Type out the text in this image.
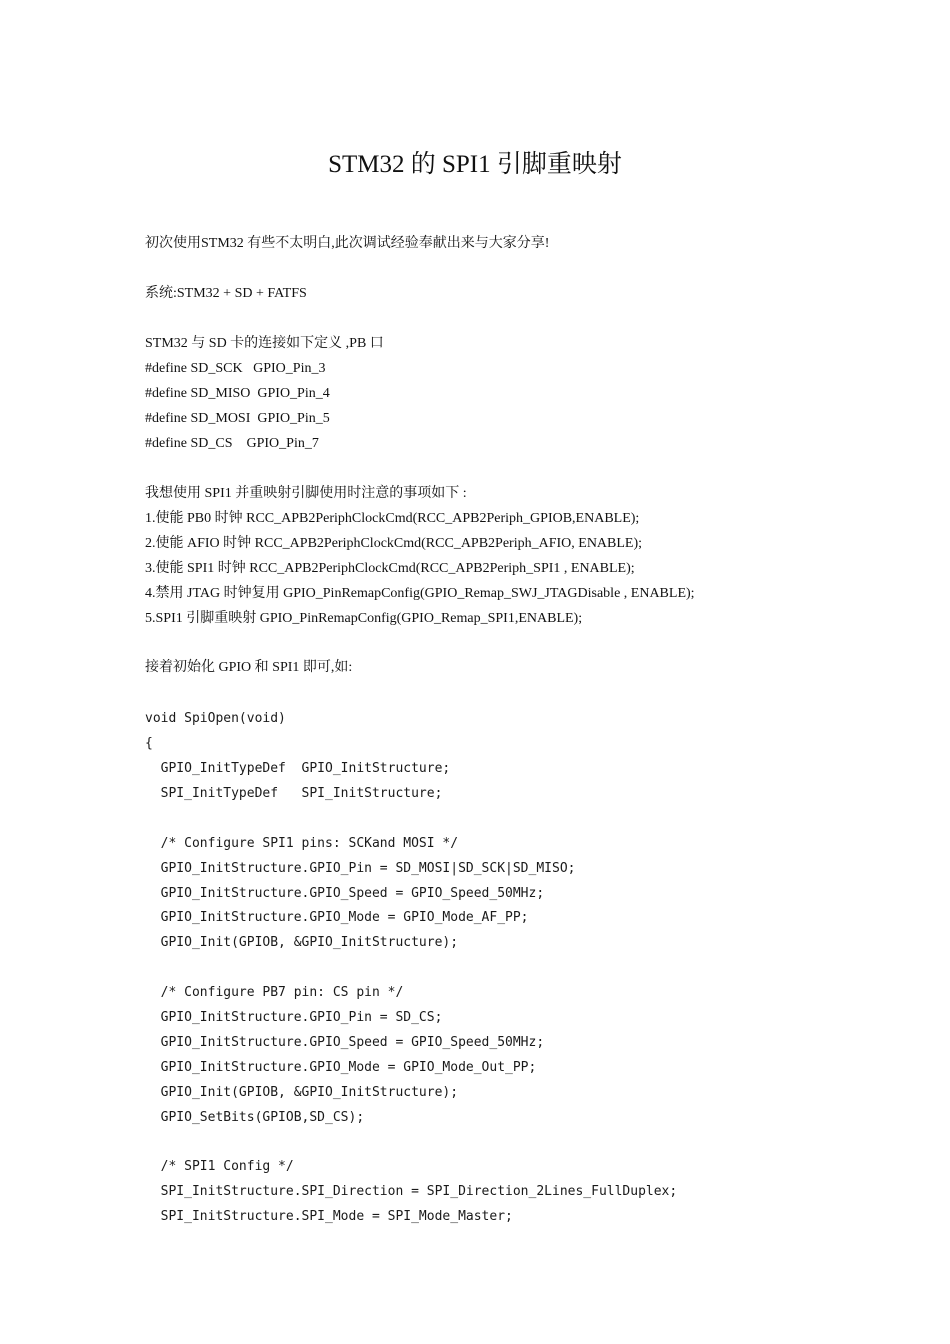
STM32 的 SPI1 引脚重映射
初次使用STM32 有些不太明白,此次调试经验奉献出来与大家分享!
系统:STM32 + SD + FATFS
STM32 与 SD 卡的连接如下定义 ,PB 口
#define SD_SCK   GPIO_Pin_3
#define SD_MISO  GPIO_Pin_4
#define SD_MOSI  GPIO_Pin_5
#define SD_CS    GPIO_Pin_7
我想使用 SPI1 并重映射引脚使用时注意的事项如下 :
1.使能 PB0 时钟 RCC_APB2PeriphClockCmd(RCC_APB2Periph_GPIOB,ENABLE);
2.使能 AFIO 时钟 RCC_APB2PeriphClockCmd(RCC_APB2Periph_AFIO, ENABLE);
3.使能 SPI1 时钟 RCC_APB2PeriphClockCmd(RCC_APB2Periph_SPI1 , ENABLE);
4.禁用 JTAG 时钟复用 GPIO_PinRemapConfig(GPIO_Remap_SWJ_JTAGDisable , ENABLE);
5.SPI1 引脚重映射 GPIO_PinRemapConfig(GPIO_Remap_SPI1,ENABLE);
接着初始化 GPIO 和 SPI1 即可,如:
void SpiOpen(void)
{
GPIO_InitTypeDef  GPIO_InitStructure;
SPI_InitTypeDef   SPI_InitStructure;
/* Configure SPI1 pins: SCKand MOSI */
GPIO_InitStructure.GPIO_Pin = SD_MOSI|SD_SCK|SD_MISO;
GPIO_InitStructure.GPIO_Speed = GPIO_Speed_50MHz;
GPIO_InitStructure.GPIO_Mode = GPIO_Mode_AF_PP;
GPIO_Init(GPIOB, &GPIO_InitStructure);
/* Configure PB7 pin: CS pin */
GPIO_InitStructure.GPIO_Pin = SD_CS;
GPIO_InitStructure.GPIO_Speed = GPIO_Speed_50MHz;
GPIO_InitStructure.GPIO_Mode = GPIO_Mode_Out_PP;
GPIO_Init(GPIOB, &GPIO_InitStructure);
GPIO_SetBits(GPIOB,SD_CS);
/* SPI1 Config */
SPI_InitStructure.SPI_Direction = SPI_Direction_2Lines_FullDuplex;
SPI_InitStructure.SPI_Mode = SPI_Mode_Master;
